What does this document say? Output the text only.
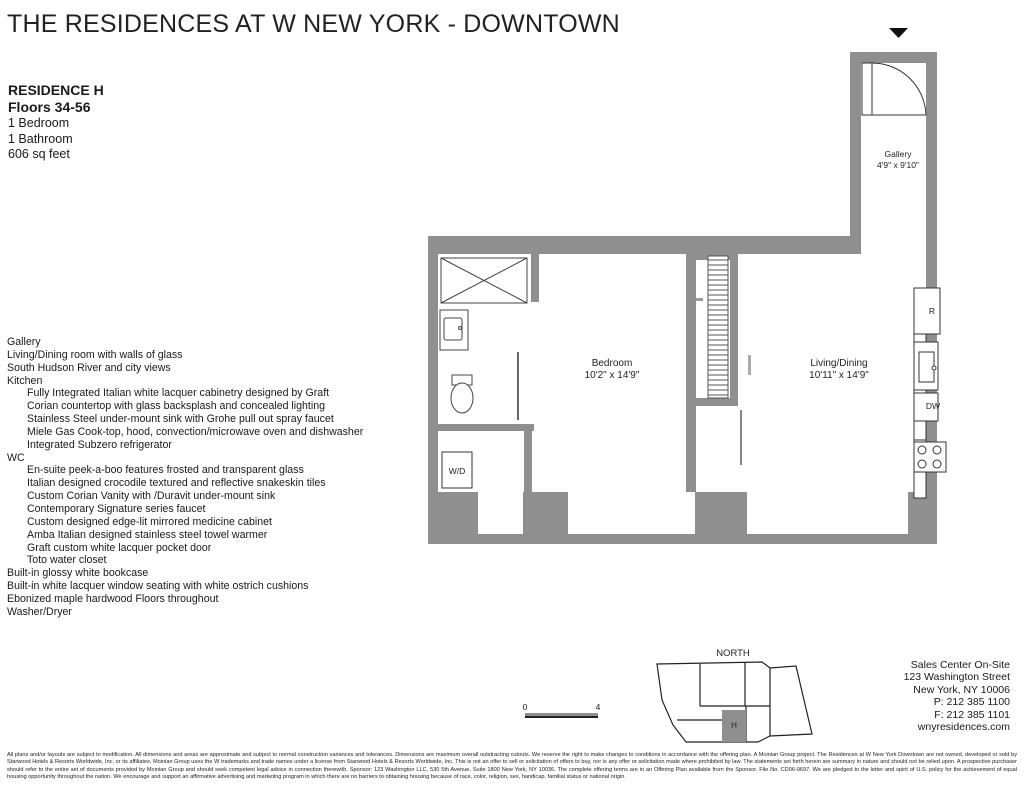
THE RESIDENCES AT W NEW YORK - DOWNTOWN
RESIDENCE H
Floors 34-56
1 Bedroom
1 Bathroom
606 sq feet
Gallery
Living/Dining room with walls of glass
South Hudson River and city views
Kitchen
Fully Integrated Italian white lacquer cabinetry designed by Graft
Corian countertop with glass backsplash and concealed lighting
Stainless Steel under-mount sink with Grohe pull out spray faucet
Miele Gas Cook-top, hood, convection/microwave oven and dishwasher
Integrated Subzero refrigerator
WC
En-suite peek-a-boo features frosted and transparent glass
Italian designed crocodile textured and reflective snakeskin tiles
Custom Corian Vanity with /Duravit under-mount sink
Contemporary Signature series faucet
Custom designed edge-lit mirrored medicine cabinet
Amba Italian designed stainless steel towel warmer
Graft custom white lacquer pocket door
Toto water closet
Built-in glossy white bookcase
Built-in white lacquer window seating with white ostrich cushions
Ebonized maple hardwood Floors throughout
Washer/Dryer
W/D
R
DW
Gallery
4'9" x 9'10"
Bedroom
10'2" x 14'9"
Living/Dining
10'11" x 14'9"
NORTH
H
0	4
Sales Center On-Site
123 Washington Street
New York, NY 10006
P: 212 385 1100
F: 212 385 1101
wnyresidences.com
All plans and/or layouts are subject to modification. All dimensions and areas are approximate and subject to normal construction variances and tolerances. Dimensions are maximum overall outstracting cutouts. We reserve the right to make changes to conditions in accordance with the offering plan. A Moinian Group project. The Residences at W New York Downtown are not owned, developed or sold by Starwood Hotels & Resorts Worldwide, Inc. or its affiliates. Moinian Group uses the W trademarks and trade names under a license from Starwood Hotels & Resorts Worldwide, Inc. This is not an offer to sell or solicitation of offers to buy, nor is any offer or solicitation made where prohibited by law. The statements set forth herein are summary in nature and should not be relied upon. A prospective purchaser should refer to the entire set of documents provided by Moinian Group and should seek competent legal advice in connection therewith. Sponsor: 123 Washington LLC, 530 5th Avenue, Suite 1800 New York, NY 10036. The complete offering terms are in an Offering Plan available from the Sponsor. File No. CD06-0697. We are pledged to the letter and spirit of U.S. policy for the achievement of equal housing opportunity throughout the nation. We encourage and support an affirmative advertising and marketing program in which there are no barriers to obtaining housing because of race, color, religion, sex, handicap, familial status or national origin.
